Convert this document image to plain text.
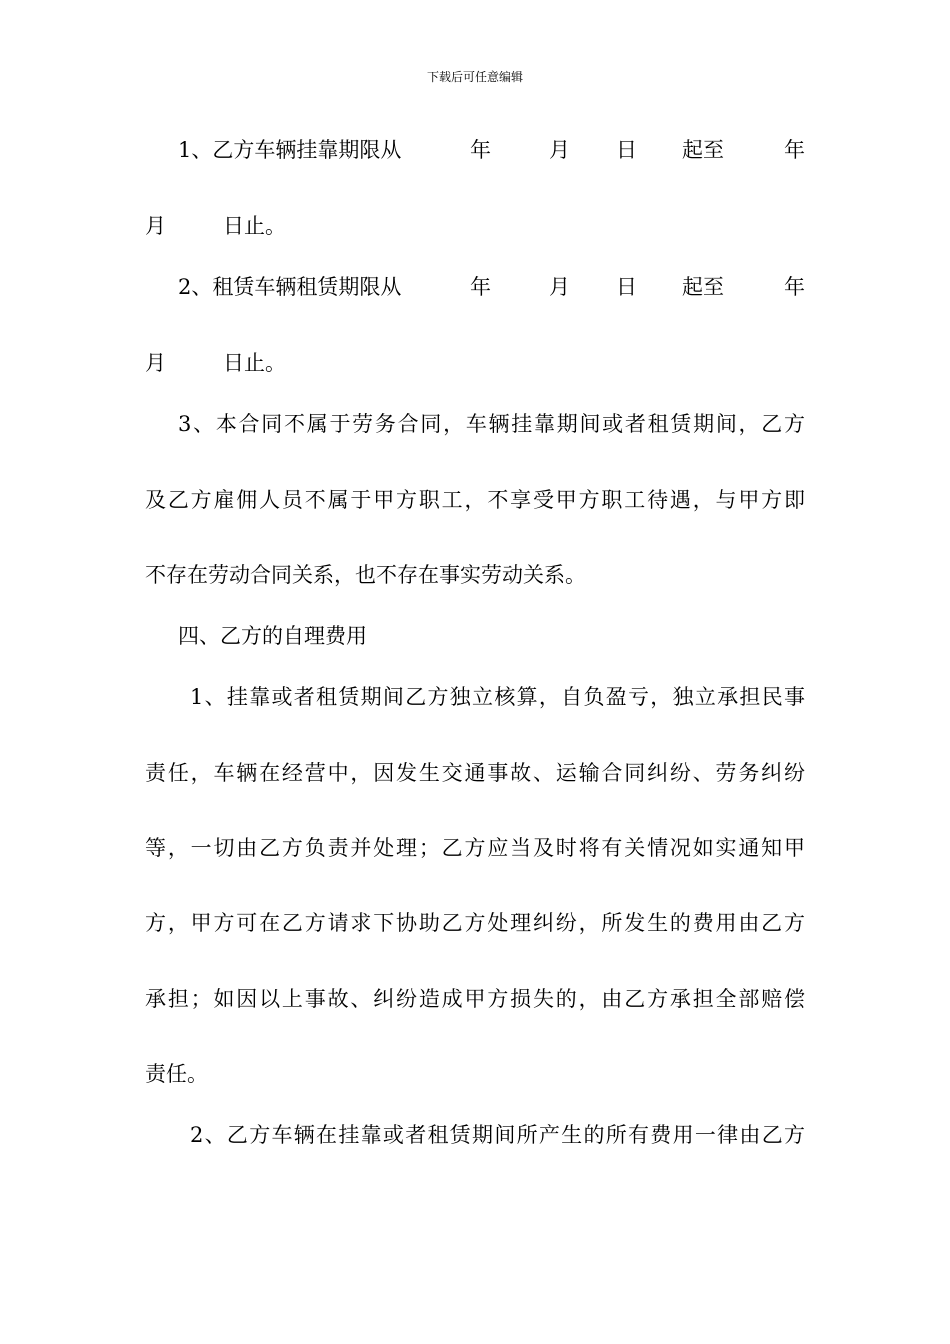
下载后可任意编辑
1、乙方车辆挂靠期限从	年	月 日 起至	年
月	日止。
2、租赁车辆租赁期限从	年	月 日 起至	年
月	日止。
3、本合同不属于劳务合同，车辆挂靠期间或者租赁期间，乙方
及乙方雇佣人员不属于甲方职工，不享受甲方职工待遇，与甲方即
不存在劳动合同关系，也不存在事实劳动关系。
四、乙方的自理费用
1、挂靠或者租赁期间乙方独立核算，自负盈亏，独立承担民事
责任，车辆在经营中，因发生交通事故、运输合同纠纷、劳务纠纷
等，一切由乙方负责并处理；乙方应当及时将有关情况如实通知甲
方，甲方可在乙方请求下协助乙方处理纠纷，所发生的费用由乙方
承担；如因以上事故、纠纷造成甲方损失的，由乙方承担全部赔偿
责任。
2、乙方车辆在挂靠或者租赁期间所产生的所有费用一律由乙方
